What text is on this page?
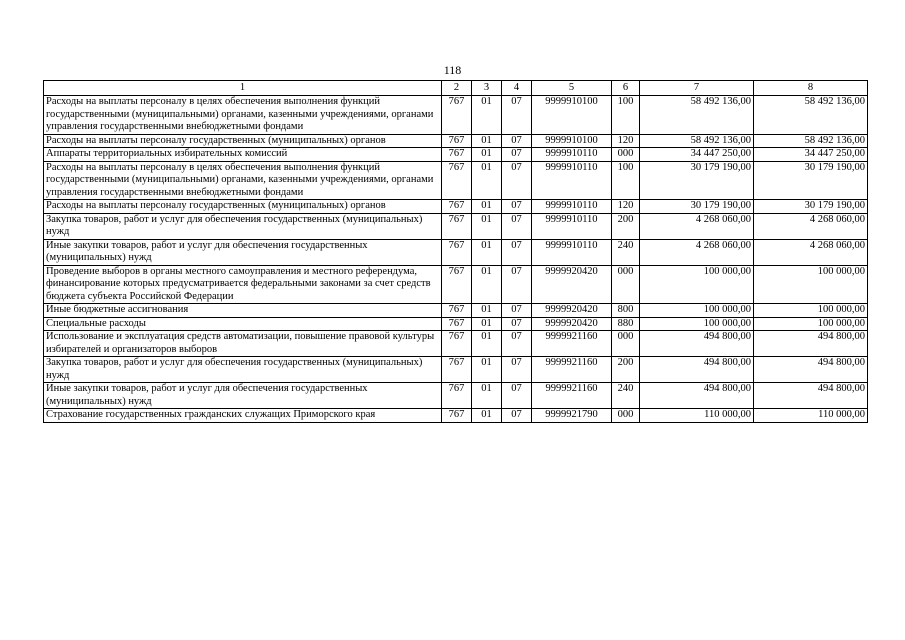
118
1	2	3	4	5	6	7	8
Расходы на выплаты персоналу в целях обеспечения выполнения функций государственными (муниципальными) органами, казенными учреждениями, органами управления государственными внебюджетными фондами	767	01	07	9999910100	100	58 492 136,00	58 492 136,00
Расходы на выплаты персоналу государственных (муниципальных) органов	767	01	07	9999910100	120	58 492 136,00	58 492 136,00
Аппараты территориальных избирательных комиссий	767	01	07	9999910110	000	34 447 250,00	34 447 250,00
Расходы на выплаты персоналу в целях обеспечения выполнения функций государственными (муниципальными) органами, казенными учреждениями, органами управления государственными внебюджетными фондами	767	01	07	9999910110	100	30 179 190,00	30 179 190,00
Расходы на выплаты персоналу государственных (муниципальных) органов	767	01	07	9999910110	120	30 179 190,00	30 179 190,00
Закупка товаров, работ и услуг для обеспечения государственных (муниципальных) нужд	767	01	07	9999910110	200	4 268 060,00	4 268 060,00
Иные закупки товаров, работ и услуг для обеспечения государственных (муниципальных) нужд	767	01	07	9999910110	240	4 268 060,00	4 268 060,00
Проведение выборов в органы местного самоуправления и местного референдума, финансирование которых предусматривается федеральными законами за счет средств бюджета субъекта Российской Федерации	767	01	07	9999920420	000	100 000,00	100 000,00
Иные бюджетные ассигнования	767	01	07	9999920420	800	100 000,00	100 000,00
Специальные расходы	767	01	07	9999920420	880	100 000,00	100 000,00
Использование и эксплуатация средств автоматизации, повышение правовой культуры избирателей и организаторов выборов	767	01	07	9999921160	000	494 800,00	494 800,00
Закупка товаров, работ и услуг для обеспечения государственных (муниципальных) нужд	767	01	07	9999921160	200	494 800,00	494 800,00
Иные закупки товаров, работ и услуг для обеспечения государственных (муниципальных) нужд	767	01	07	9999921160	240	494 800,00	494 800,00
Страхование государственных гражданских служащих Приморского края	767	01	07	9999921790	000	110 000,00	110 000,00
